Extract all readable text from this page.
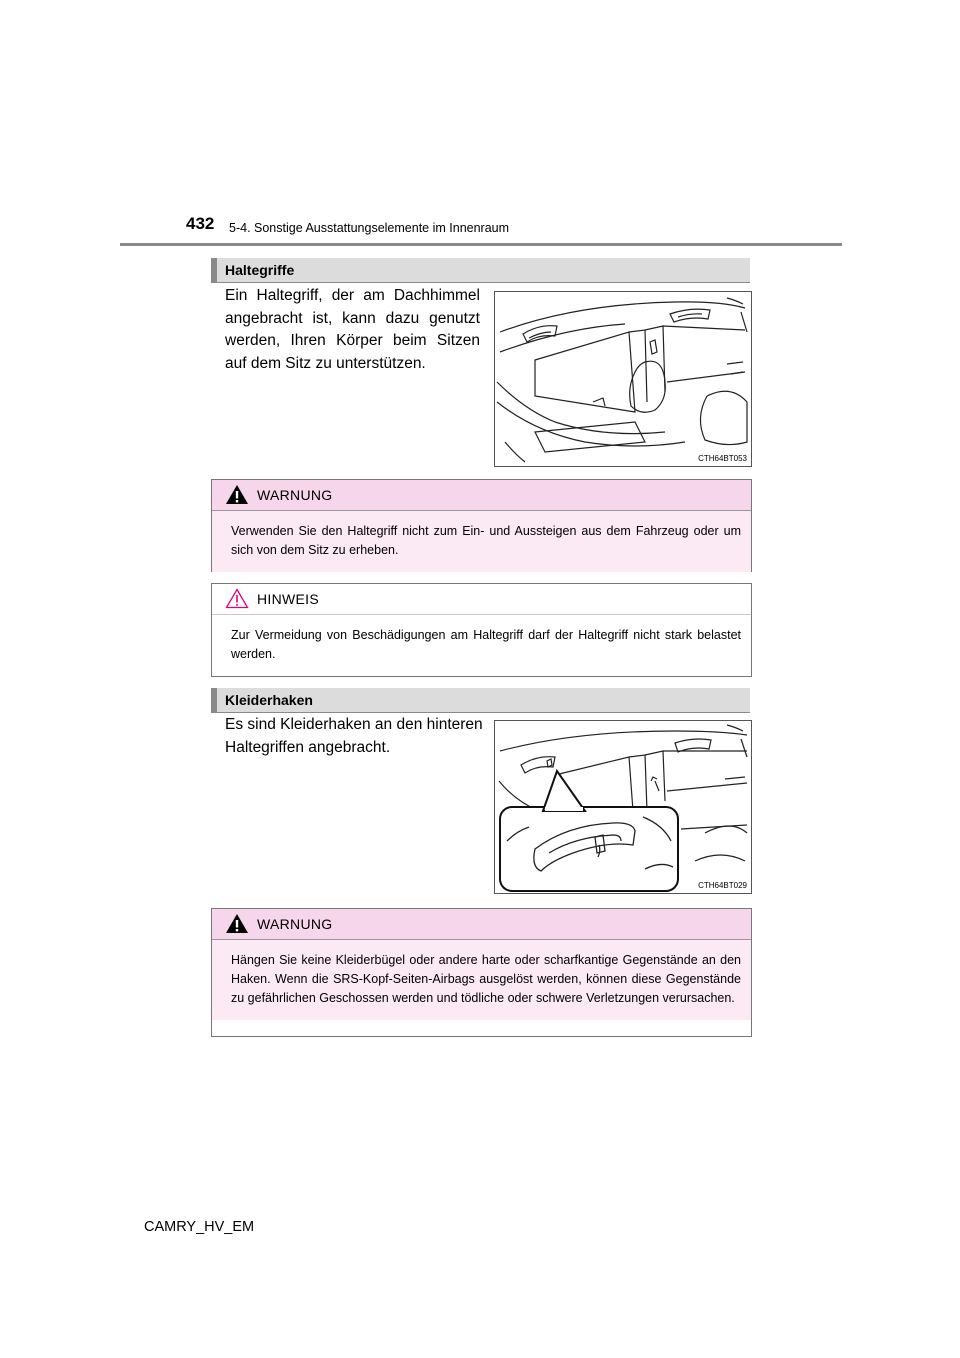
432 5-4. Sonstige Ausstattungselemente im Innenraum
Haltegriffe
Ein Haltegriff, der am Dachhimmel angebracht ist, kann dazu genutzt werden, Ihren Körper beim Sitzen auf dem Sitz zu unterstützen.
CTH64BT053
WARNUNG
Verwenden Sie den Haltegriff nicht zum Ein- und Aussteigen aus dem Fahrzeug oder um sich von dem Sitz zu erheben.
HINWEIS
Zur Vermeidung von Beschädigungen am Haltegriff darf der Haltegriff nicht stark belastet werden.
Kleiderhaken
Es sind Kleiderhaken an den hinteren Haltegriffen angebracht.
CTH64BT029
WARNUNG
Hängen Sie keine Kleiderbügel oder andere harte oder scharfkantige Gegenstände an den Haken. Wenn die SRS-Kopf-Seiten-Airbags ausgelöst werden, können diese Gegenstände zu gefährlichen Geschossen werden und tödliche oder schwere Verletzungen verursachen.
CAMRY_HV_EM
